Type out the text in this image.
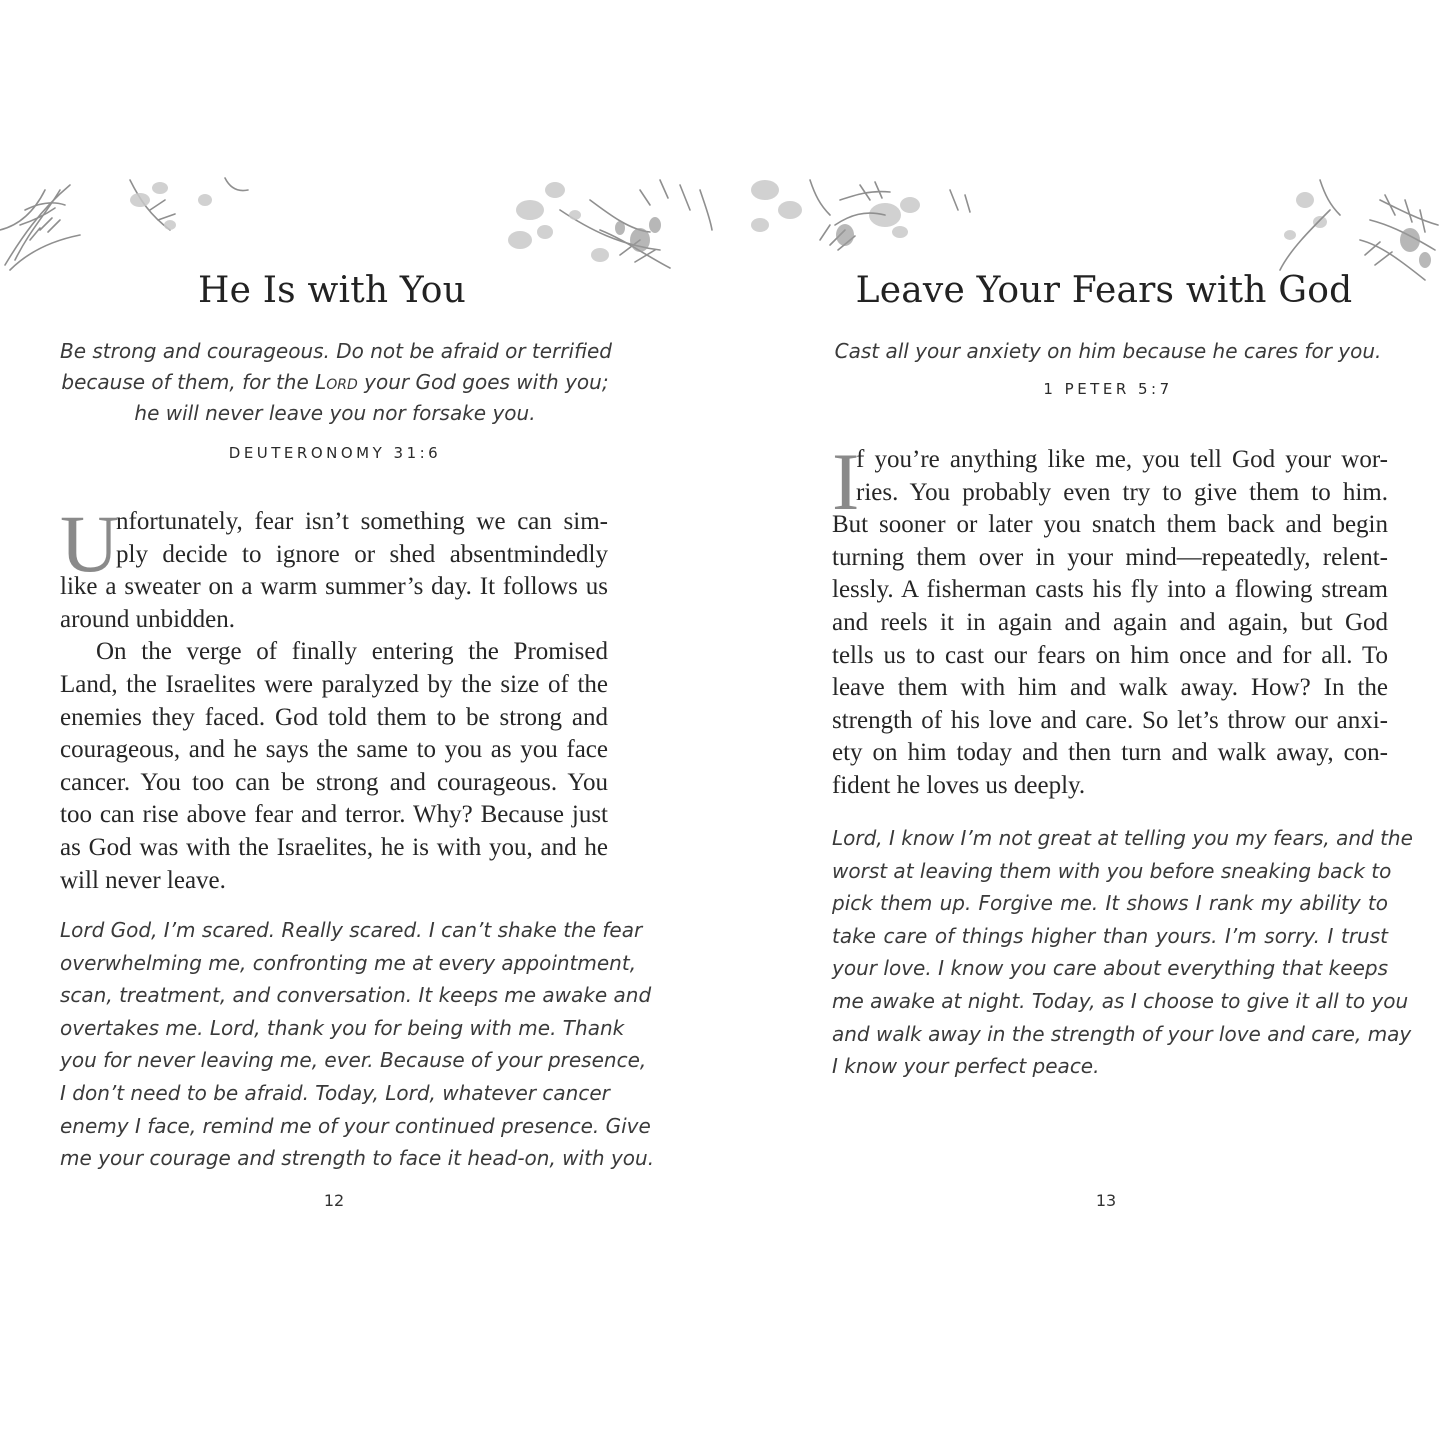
He Is with You
Be strong and courageous. Do not be afraid or terrified
because of them, for the Lord your God goes with you;
he will never leave you nor forsake you.
DEUTERONOMY 31:6
U
nfortunately, fear isn’t something we can sim-
ply decide to ignore or shed absentmindedly
like a sweater on a warm summer’s day. It follows us
around unbidden.
On the verge of finally entering the Promised
Land, the Israelites were paralyzed by the size of the
enemies they faced. God told them to be strong and
courageous, and he says the same to you as you face
cancer. You too can be strong and courageous. You
too can rise above fear and terror. Why? Because just
as God was with the Israelites, he is with you, and he
will never leave.
Lord God, I’m scared. Really scared. I can’t shake the fear
overwhelming me, confronting me at every appointment,
scan, treatment, and conversation. It keeps me awake and
overtakes me. Lord, thank you for being with me. Thank
you for never leaving me, ever. Because of your presence,
I don’t need to be afraid. Today, Lord, whatever cancer
enemy I face, remind me of your continued presence. Give
me your courage and strength to face it head-on, with you.
12
Leave Your Fears with God
Cast all your anxiety on him because he cares for you.
1 PETER 5:7
I
f you’re anything like me, you tell God your wor-
ries. You probably even try to give them to him.
But sooner or later you snatch them back and begin
turning them over in your mind—repeatedly, relent-
lessly. A fisherman casts his fly into a flowing stream
and reels it in again and again and again, but God
tells us to cast our fears on him once and for all. To
leave them with him and walk away. How? In the
strength of his love and care. So let’s throw our anxi-
ety on him today and then turn and walk away, con-
fident he loves us deeply.
Lord, I know I’m not great at telling you my fears, and the
worst at leaving them with you before sneaking back to
pick them up. Forgive me. It shows I rank my ability to
take care of things higher than yours. I’m sorry. I trust
your love. I know you care about everything that keeps
me awake at night. Today, as I choose to give it all to you
and walk away in the strength of your love and care, may
I know your perfect peace.
13
